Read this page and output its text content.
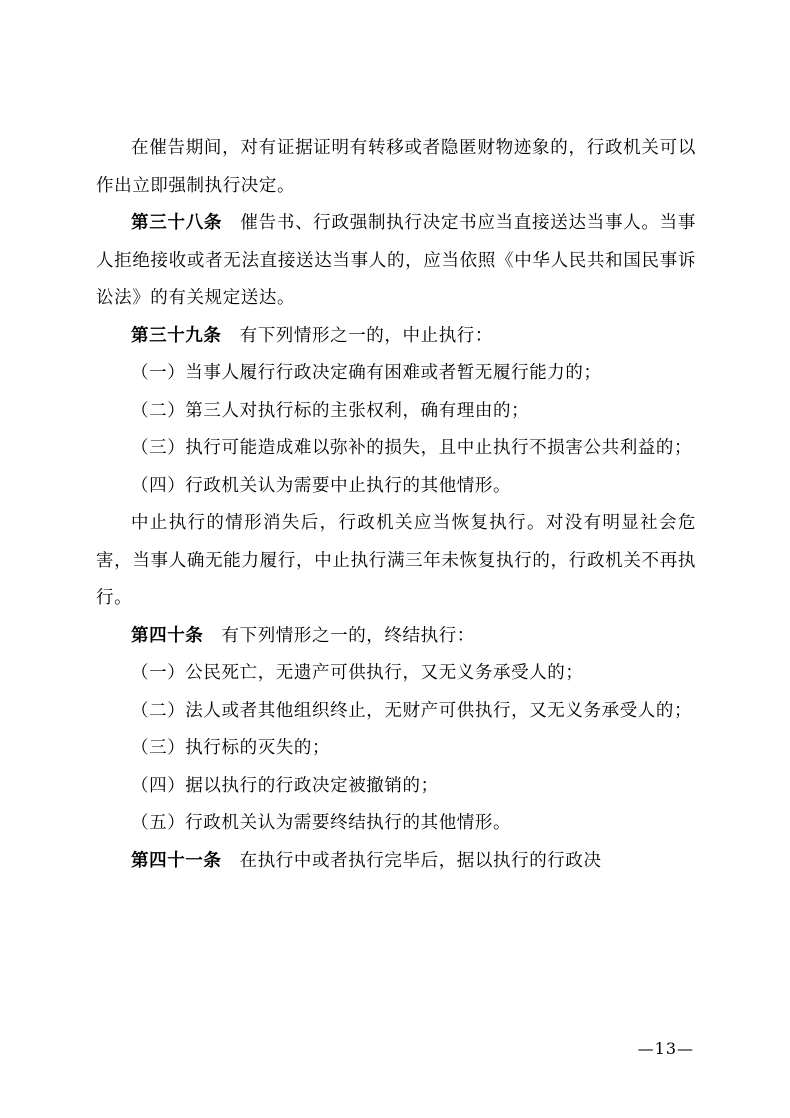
在催告期间，对有证据证明有转移或者隐匿财物迹象的，行政机关可以作出立即强制执行决定。

第三十八条　催告书、行政强制执行决定书应当直接送达当事人。当事人拒绝接收或者无法直接送达当事人的，应当依照《中华人民共和国民事诉讼法》的有关规定送达。

第三十九条　有下列情形之一的，中止执行：

（一）当事人履行行政决定确有困难或者暂无履行能力的；

（二）第三人对执行标的主张权利，确有理由的；

（三）执行可能造成难以弥补的损失，且中止执行不损害公共利益的；

（四）行政机关认为需要中止执行的其他情形。

中止执行的情形消失后，行政机关应当恢复执行。对没有明显社会危害，当事人确无能力履行，中止执行满三年未恢复执行的，行政机关不再执行。

第四十条　有下列情形之一的，终结执行：

（一）公民死亡，无遗产可供执行，又无义务承受人的；

（二）法人或者其他组织终止，无财产可供执行，又无义务承受人的；

（三）执行标的灭失的；

（四）据以执行的行政决定被撤销的；

（五）行政机关认为需要终结执行的其他情形。

第四十一条　在执行中或者执行完毕后，据以执行的行政决

—13—
